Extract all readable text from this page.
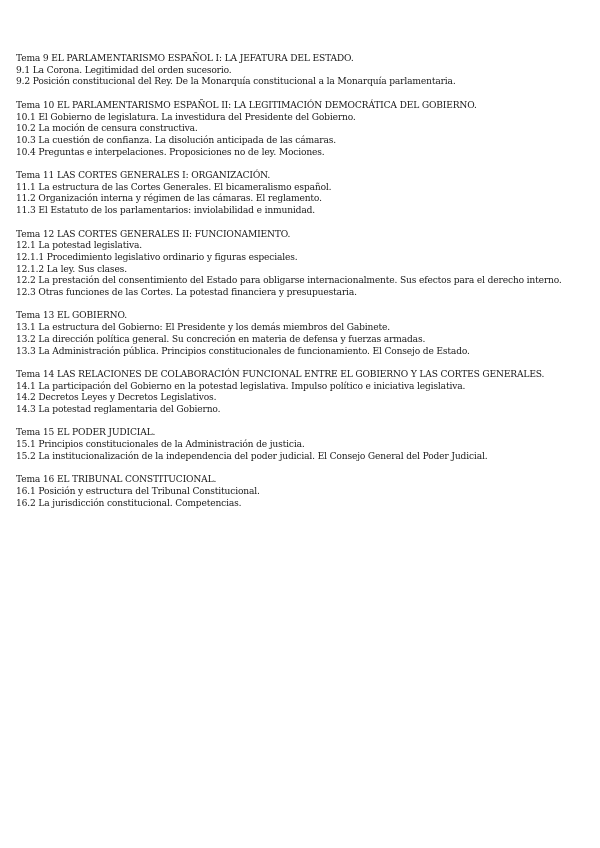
Tema 9 EL PARLAMENTARISMO ESPAÑOL I: LA JEFATURA DEL ESTADO.
9.1 La Corona. Legitimidad del orden sucesorio.
9.2 Posición constitucional del Rey. De la Monarquía constitucional a la Monarquía parlamentaria.
Tema 10 EL PARLAMENTARISMO ESPAÑOL II: LA LEGITIMACIÓN DEMOCRÁTICA DEL GOBIERNO.
10.1 El Gobierno de legislatura. La investidura del Presidente del Gobierno.
10.2 La moción de censura constructiva.
10.3 La cuestión de confianza. La disolución anticipada de las cámaras.
10.4 Preguntas e interpelaciones. Proposiciones no de ley. Mociones.
Tema 11 LAS CORTES GENERALES I: ORGANIZACIÓN.
11.1 La estructura de las Cortes Generales. El bicameralismo español.
11.2 Organización interna y régimen de las cámaras. El reglamento.
11.3 El Estatuto de los parlamentarios: inviolabilidad e inmunidad.
Tema 12 LAS CORTES GENERALES II: FUNCIONAMIENTO.
12.1 La potestad legislativa.
12.1.1 Procedimiento legislativo ordinario y figuras especiales.
12.1.2 La ley. Sus clases.
12.2 La prestación del consentimiento del Estado para obligarse internacionalmente. Sus efectos para el derecho interno.
12.3 Otras funciones de las Cortes. La potestad financiera y presupuestaria.
Tema 13 EL GOBIERNO.
13.1 La estructura del Gobierno: El Presidente y los demás miembros del Gabinete.
13.2 La dirección política general. Su concreción en materia de defensa y fuerzas armadas.
13.3 La Administración pública. Principios constitucionales de funcionamiento. El Consejo de Estado.
Tema 14 LAS RELACIONES DE COLABORACIÓN FUNCIONAL ENTRE EL GOBIERNO Y LAS CORTES GENERALES.
14.1 La participación del Gobierno en la potestad legislativa. Impulso político e iniciativa legislativa.
14.2 Decretos Leyes y Decretos Legislativos.
14.3 La potestad reglamentaria del Gobierno.
Tema 15 EL PODER JUDICIAL.
15.1 Principios constitucionales de la Administración de justicia.
15.2 La institucionalización de la independencia del poder judicial. El Consejo General del Poder Judicial.
Tema 16 EL TRIBUNAL CONSTITUCIONAL.
16.1 Posición y estructura del Tribunal Constitucional.
16.2 La jurisdicción constitucional. Competencias.
